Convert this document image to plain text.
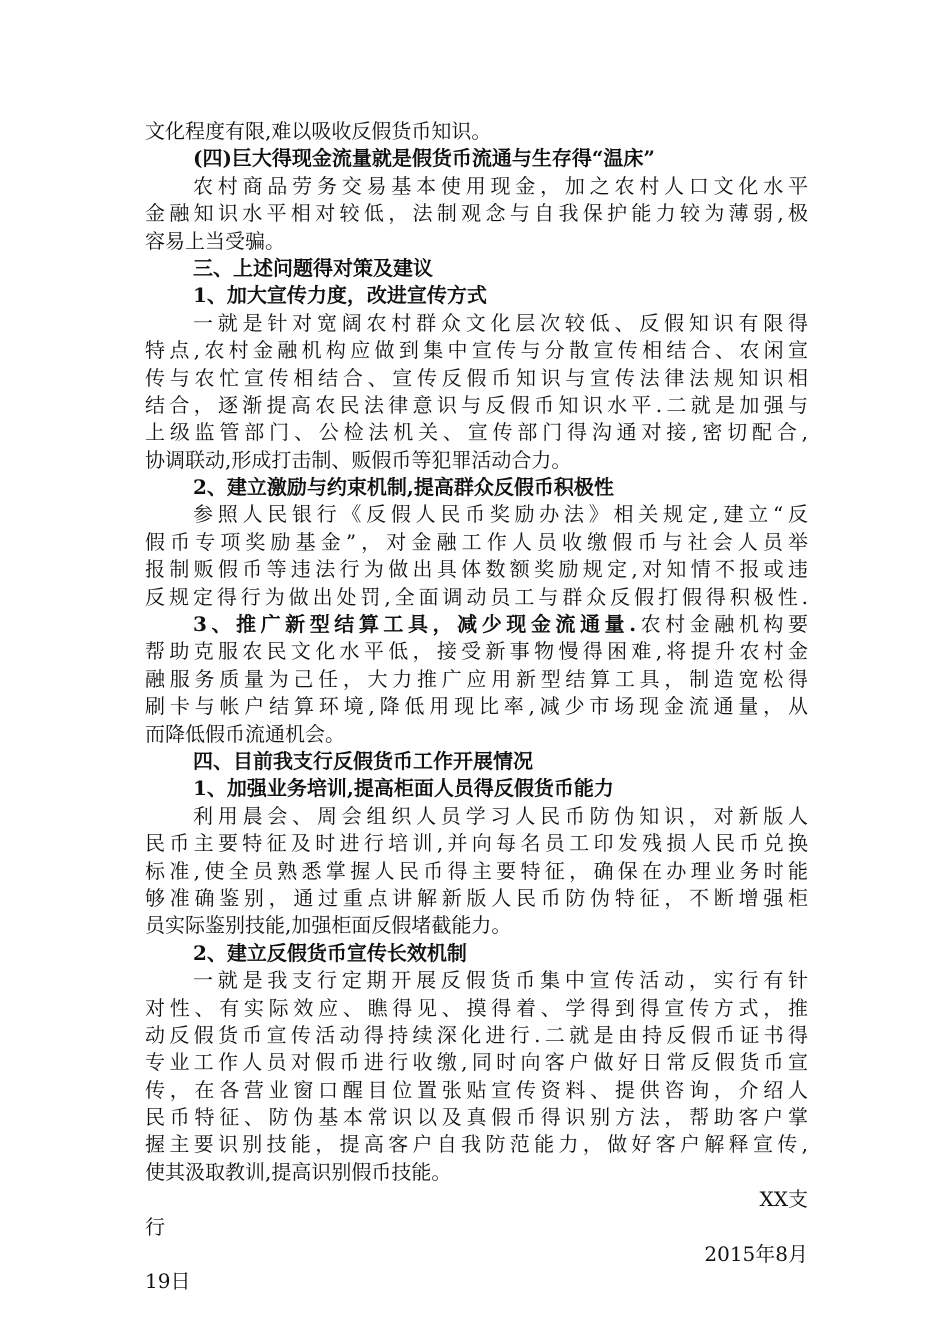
文化程度有限,难以吸收反假货币知识。
(四)巨大得现金流量就是假货币流通与生存得“温床”
农村商品劳务交易基本使用现金，加之农村人口文化水平
金融知识水平相对较低，法制观念与自我保护能力较为薄弱,极
容易上当受骗。
三、上述问题得对策及建议
1、加大宣传力度，改进宣传方式
一就是针对宽阔农村群众文化层次较低、反假知识有限得
特点,农村金融机构应做到集中宣传与分散宣传相结合、农闲宣
传与农忙宣传相结合、宣传反假币知识与宣传法律法规知识相
结合，逐渐提高农民法律意识与反假币知识水平.二就是加强与
上级监管部门、公检法机关、宣传部门得沟通对接,密切配合,
协调联动,形成打击制、贩假币等犯罪活动合力。
2、建立激励与约束机制,提高群众反假币积极性
参照人民银行《反假人民币奖励办法》相关规定,建立“反
假币专项奖励基金”，对金融工作人员收缴假币与社会人员举
报制贩假币等违法行为做出具体数额奖励规定,对知情不报或违
反规定得行为做出处罚,全面调动员工与群众反假打假得积极性.
3、推广新型结算工具，减少现金流通量.农村金融机构要
帮助克服农民文化水平低，接受新事物慢得困难,将提升农村金
融服务质量为己任，大力推广应用新型结算工具，制造宽松得
刷卡与帐户结算环境,降低用现比率,减少市场现金流通量，从
而降低假币流通机会。
四、目前我支行反假货币工作开展情况
1、加强业务培训,提高柜面人员得反假货币能力
利用晨会、周会组织人员学习人民币防伪知识，对新版人
民币主要特征及时进行培训,并向每名员工印发残损人民币兑换
标准,使全员熟悉掌握人民币得主要特征，确保在办理业务时能
够准确鉴别，通过重点讲解新版人民币防伪特征，不断增强柜
员实际鉴别技能,加强柜面反假堵截能力。
2、建立反假货币宣传长效机制
一就是我支行定期开展反假货币集中宣传活动，实行有针
对性、有实际效应、瞧得见、摸得着、学得到得宣传方式，推
动反假货币宣传活动得持续深化进行.二就是由持反假币证书得
专业工作人员对假币进行收缴,同时向客户做好日常反假货币宣
传，在各营业窗口醒目位置张贴宣传资料、提供咨询，介绍人
民币特征、防伪基本常识以及真假币得识别方法，帮助客户掌
握主要识别技能，提高客户自我防范能力，做好客户解释宣传,
使其汲取教训,提高识别假币技能。
XX支
行
2015年8月
19日
